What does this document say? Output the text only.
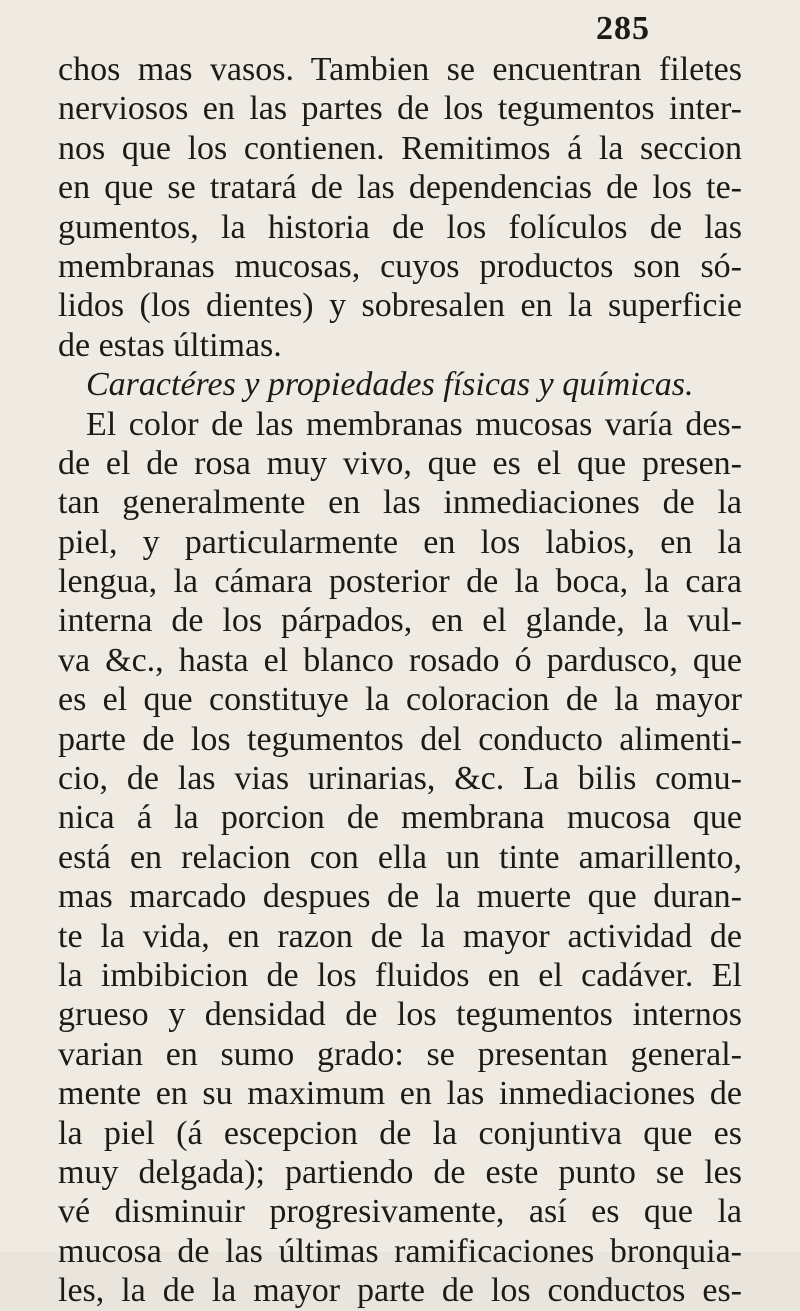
285
chos mas vasos. Tambien se encuentran filetes
nerviosos en las partes de los tegumentos inter-
nos que los contienen. Remitimos á la seccion
en que se tratará de las dependencias de los te-
gumentos, la historia de los folículos de las
membranas mucosas, cuyos productos son só-
lidos (los dientes) y sobresalen en la superficie
de estas últimas.
Caractéres y propiedades físicas y químicas.
El color de las membranas mucosas varía des-
de el de rosa muy vivo, que es el que presen-
tan generalmente en las inmediaciones de la
piel, y particularmente en los labios, en la
lengua, la cámara posterior de la boca, la cara
interna de los párpados, en el glande, la vul-
va &c., hasta el blanco rosado ó pardusco, que
es el que constituye la coloracion de la mayor
parte de los tegumentos del conducto alimenti-
cio, de las vias urinarias, &c. La bilis comu-
nica á la porcion de membrana mucosa que
está en relacion con ella un tinte amarillento,
mas marcado despues de la muerte que duran-
te la vida, en razon de la mayor actividad de
la imbibicion de los fluidos en el cadáver. El
grueso y densidad de los tegumentos internos
varian en sumo grado: se presentan general-
mente en su maximum en las inmediaciones de
la piel (á escepcion de la conjuntiva que es
muy delgada); partiendo de este punto se les
vé disminuir progresivamente, así es que la
mucosa de las últimas ramificaciones bronquia-
les, la de la mayor parte de los conductos es-
